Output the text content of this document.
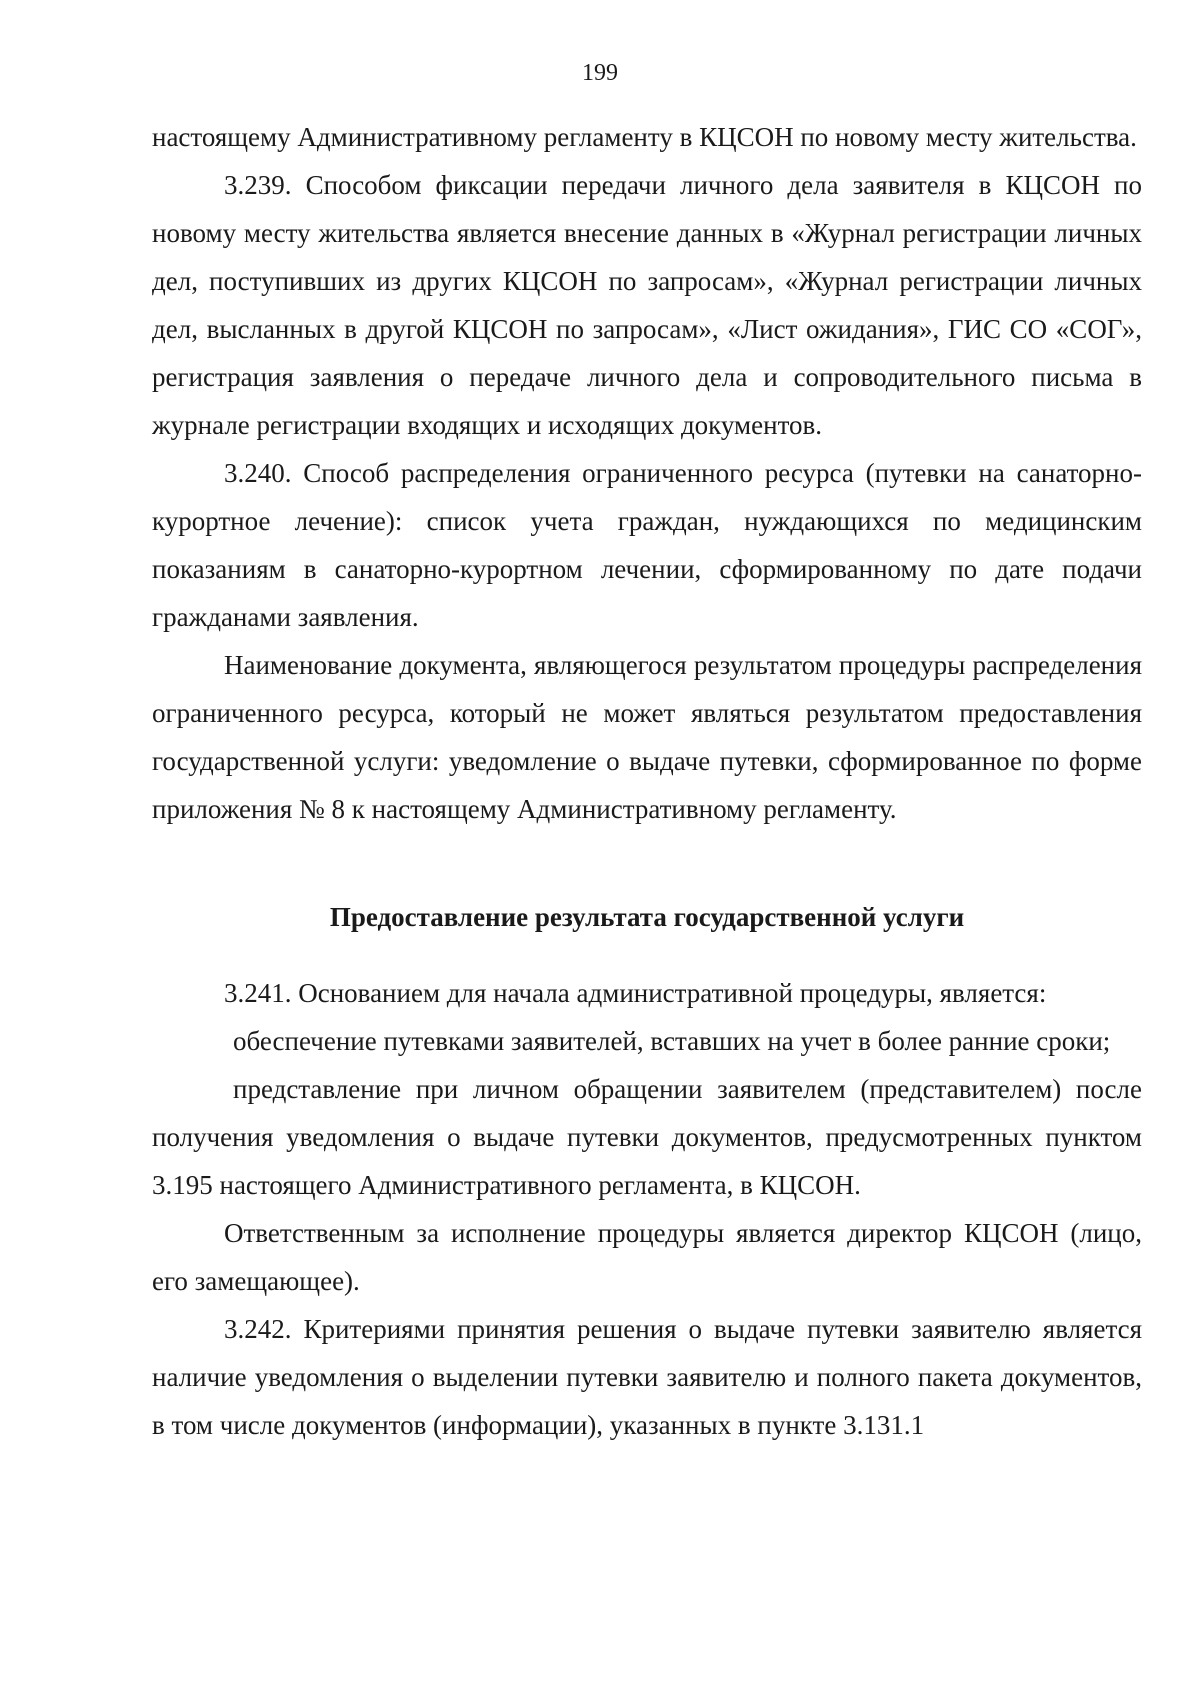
199

настоящему Административному регламенту в КЦСОН по новому месту жительства.

3.239. Способом фиксации передачи личного дела заявителя в КЦСОН по новому месту жительства является внесение данных в «Журнал регистрации личных дел, поступивших из других КЦСОН по запросам», «Журнал регистрации личных дел, высланных в другой КЦСОН по запросам», «Лист ожидания», ГИС СО «СОГ», регистрация заявления о передаче личного дела и сопроводительного письма в журнале регистрации входящих и исходящих документов.

3.240. Способ распределения ограниченного ресурса (путевки на санаторно-курортное лечение): список учета граждан, нуждающихся по медицинским показаниям в санаторно-курортном лечении, сформированному по дате подачи гражданами заявления.

Наименование документа, являющегося результатом процедуры распределения ограниченного ресурса, который не может являться результатом предоставления государственной услуги: уведомление о выдаче путевки, сформированное по форме приложения № 8 к настоящему Административному регламенту.

Предоставление результата государственной услуги

3.241. Основанием для начала административной процедуры, является:

обеспечение путевками заявителей, вставших на учет в более ранние сроки;

представление при личном обращении заявителем (представителем) после получения уведомления о выдаче путевки документов, предусмотренных пунктом 3.195 настоящего Административного регламента, в КЦСОН.

Ответственным за исполнение процедуры является директор КЦСОН (лицо, его замещающее).

3.242. Критериями принятия решения о выдаче путевки заявителю является наличие уведомления о выделении путевки заявителю и полного пакета документов, в том числе документов (информации), указанных в пункте 3.131.1
